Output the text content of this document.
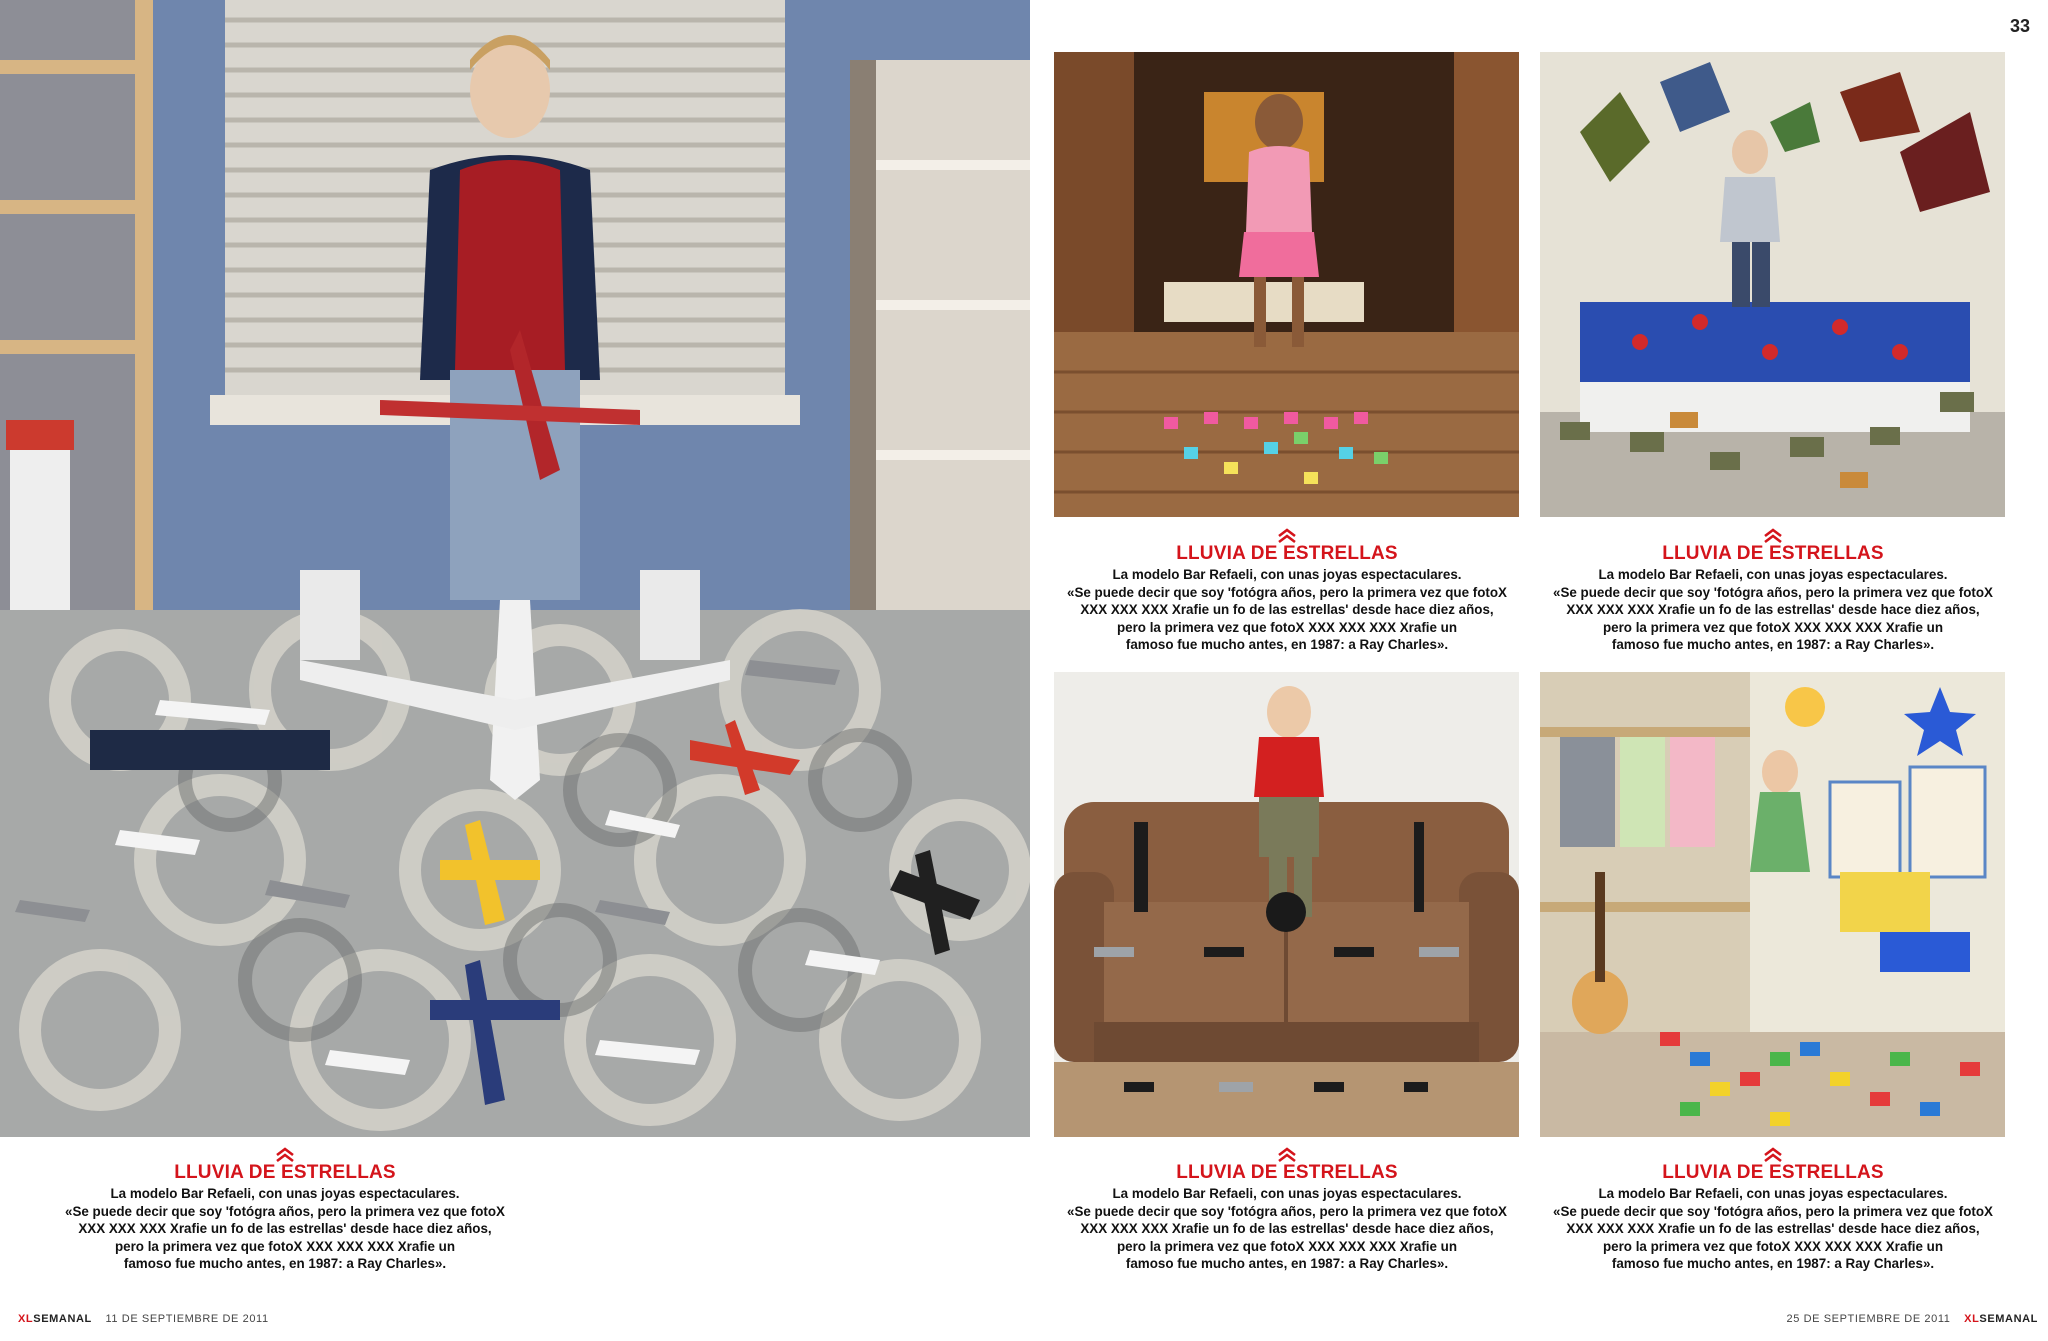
LLUVIA DE ESTRELLAS
La modelo Bar Refaeli, con unas joyas espectaculares.
«Se puede decir que soy 'fotógra años, pero la primera vez que fotoX
XXX XXX XXX Xrafie un fo de las estrellas' desde hace diez años,
pero la primera vez que fotoX XXX XXX XXX Xrafie un
famoso fue mucho antes, en 1987: a Ray Charles».
LLUVIA DE ESTRELLAS
La modelo Bar Refaeli, con unas joyas espectaculares.
«Se puede decir que soy 'fotógra años, pero la primera vez que fotoX
XXX XXX XXX Xrafie un fo de las estrellas' desde hace diez años,
pero la primera vez que fotoX XXX XXX XXX Xrafie un
famoso fue mucho antes, en 1987: a Ray Charles».
LLUVIA DE ESTRELLAS
La modelo Bar Refaeli, con unas joyas espectaculares.
«Se puede decir que soy 'fotógra años, pero la primera vez que fotoX
XXX XXX XXX Xrafie un fo de las estrellas' desde hace diez años,
pero la primera vez que fotoX XXX XXX XXX Xrafie un
famoso fue mucho antes, en 1987: a Ray Charles».
LLUVIA DE ESTRELLAS
La modelo Bar Refaeli, con unas joyas espectaculares.
«Se puede decir que soy 'fotógra años, pero la primera vez que fotoX
XXX XXX XXX Xrafie un fo de las estrellas' desde hace diez años,
pero la primera vez que fotoX XXX XXX XXX Xrafie un
famoso fue mucho antes, en 1987: a Ray Charles».
LLUVIA DE ESTRELLAS
La modelo Bar Refaeli, con unas joyas espectaculares.
«Se puede decir que soy 'fotógra años, pero la primera vez que fotoX
XXX XXX XXX Xrafie un fo de las estrellas' desde hace diez años,
pero la primera vez que fotoX XXX XXX XXX Xrafie un
famoso fue mucho antes, en 1987: a Ray Charles».
33
XLSEMANAL 11 DE SEPTIEMBRE DE 2011	25 DE SEPTIEMBRE DE 2011 XLSEMANAL
